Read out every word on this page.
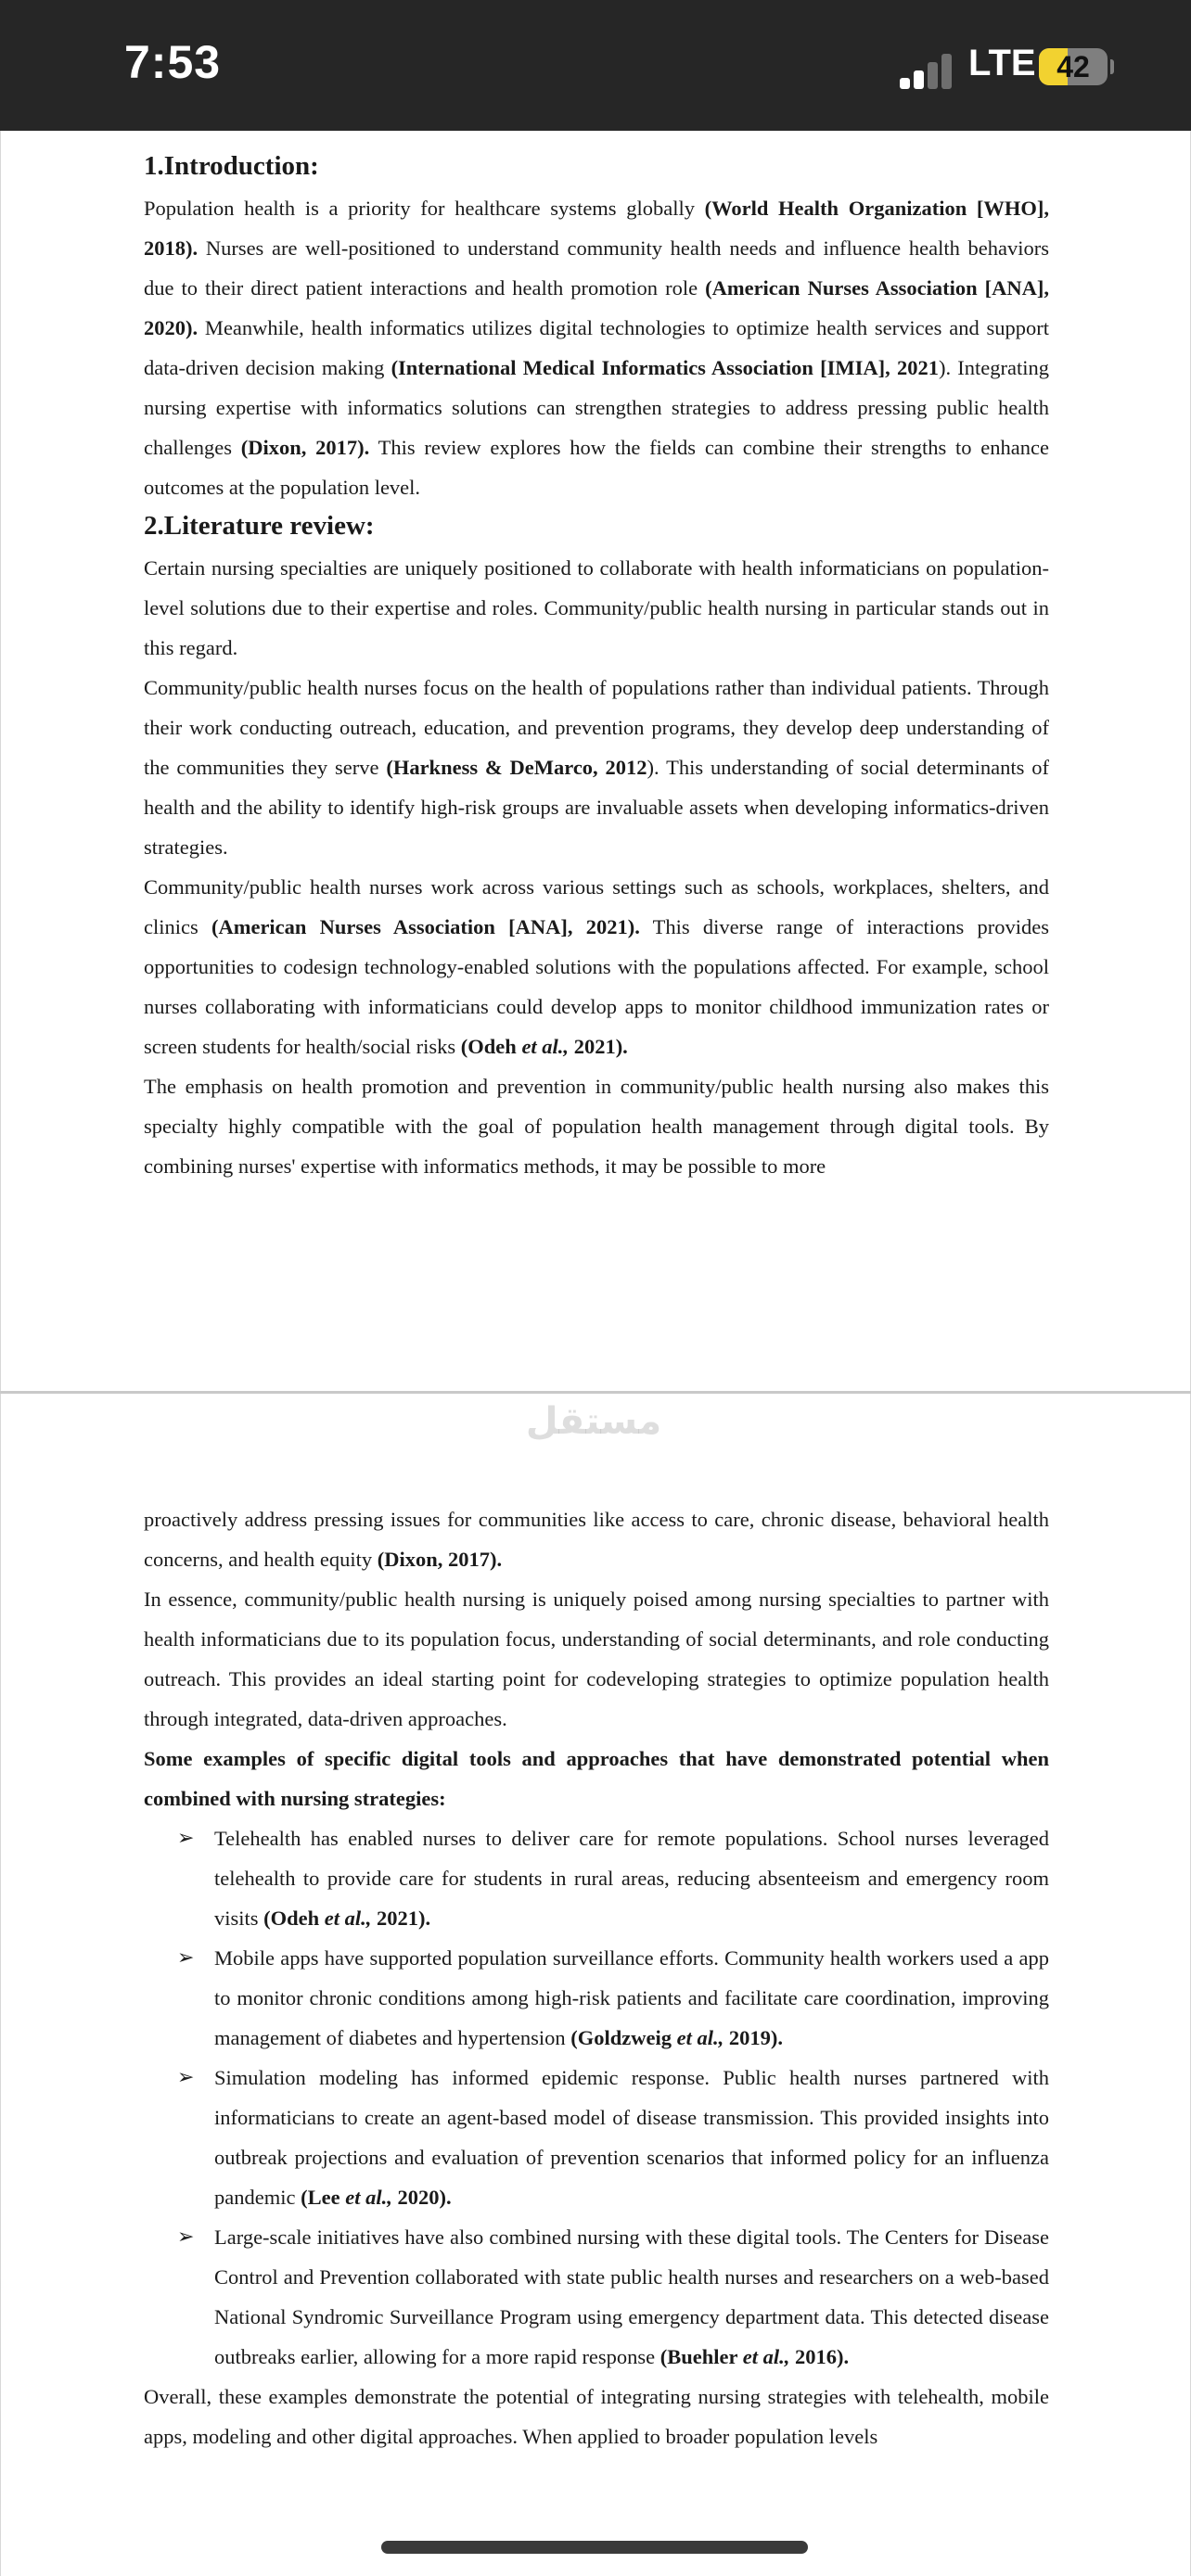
7:53	LTE 42
1.Introduction:

Population health is a priority for healthcare systems globally (World Health Organization [WHO], 2018). Nurses are well-positioned to understand community health needs and influence health behaviors due to their direct patient interactions and health promotion role (American Nurses Association [ANA], 2020). Meanwhile, health informatics utilizes digital technologies to optimize health services and support data-driven decision making (International Medical Informatics Association [IMIA], 2021). Integrating nursing expertise with informatics solutions can strengthen strategies to address pressing public health challenges (Dixon, 2017). This review explores how the fields can combine their strengths to enhance outcomes at the population level.

2.Literature review:

Certain nursing specialties are uniquely positioned to collaborate with health informaticians on population-level solutions due to their expertise and roles. Community/public health nursing in particular stands out in this regard.

Community/public health nurses focus on the health of populations rather than individual patients. Through their work conducting outreach, education, and prevention programs, they develop deep understanding of the communities they serve (Harkness & DeMarco, 2012). This understanding of social determinants of health and the ability to identify high-risk groups are invaluable assets when developing informatics-driven strategies.

Community/public health nurses work across various settings such as schools, workplaces, shelters, and clinics (American Nurses Association [ANA], 2021). This diverse range of interactions provides opportunities to codesign technology-enabled solutions with the populations affected. For example, school nurses collaborating with informaticians could develop apps to monitor childhood immunization rates or screen students for health/social risks (Odeh et al., 2021).

The emphasis on health promotion and prevention in community/public health nursing also makes this specialty highly compatible with the goal of population health management through digital tools. By combining nurses' expertise with informatics methods, it may be possible to more

proactively address pressing issues for communities like access to care, chronic disease, behavioral health concerns, and health equity (Dixon, 2017).

In essence, community/public health nursing is uniquely poised among nursing specialties to partner with health informaticians due to its population focus, understanding of social determinants, and role conducting outreach. This provides an ideal starting point for codeveloping strategies to optimize population health through integrated, data-driven approaches.

Some examples of specific digital tools and approaches that have demonstrated potential when combined with nursing strategies:

➢ Telehealth has enabled nurses to deliver care for remote populations. School nurses leveraged telehealth to provide care for students in rural areas, reducing absenteeism and emergency room visits (Odeh et al., 2021).

➢ Mobile apps have supported population surveillance efforts. Community health workers used a app to monitor chronic conditions among high-risk patients and facilitate care coordination, improving management of diabetes and hypertension (Goldzweig et al., 2019).

➢ Simulation modeling has informed epidemic response. Public health nurses partnered with informaticians to create an agent-based model of disease transmission. This provided insights into outbreak projections and evaluation of prevention scenarios that informed policy for an influenza pandemic (Lee et al., 2020).

➢ Large-scale initiatives have also combined nursing with these digital tools. The Centers for Disease Control and Prevention collaborated with state public health nurses and researchers on a web-based National Syndromic Surveillance Program using emergency department data. This detected disease outbreaks earlier, allowing for a more rapid response (Buehler et al., 2016).

Overall, these examples demonstrate the potential of integrating nursing strategies with telehealth, mobile apps, modeling and other digital approaches. When applied to broader population levels

مستقل
